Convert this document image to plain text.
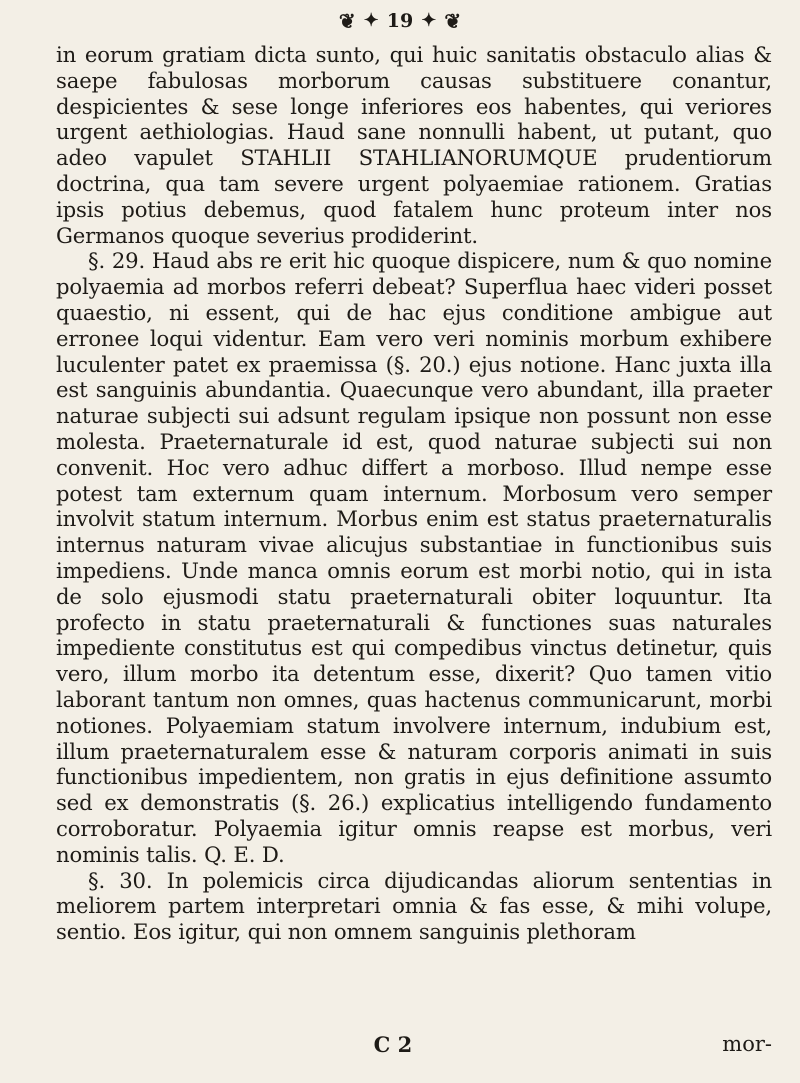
❦ ✦ 19 ✦ ❦

in eorum gratiam dicta sunto, qui huic sanitatis obstaculo alias & saepe fabulosas morborum causas substituere conantur, despicientes & sese longe inferiores eos habentes, qui veriores urgent aethiologias. Haud sane nonnulli habent, ut putant, quo adeo vapulet STAHLII STAHLIANORUMQUE prudentiorum doctrina, qua tam severe urgent polyaemiae rationem. Gratias ipsis potius debemus, quod fatalem hunc proteum inter nos Germanos quoque severius prodiderint.

§. 29. Haud abs re erit hic quoque dispicere, num & quo nomine polyaemia ad morbos referri debeat? Superflua haec videri posset quaestio, ni essent, qui de hac ejus conditione ambigue aut erronee loqui videntur. Eam vero veri nominis morbum exhibere luculenter patet ex praemissa (§. 20.) ejus notione. Hanc juxta illa est sanguinis abundantia. Quaecunque vero abundant, illa praeter naturae subjecti sui adsunt regulam ipsique non possunt non esse molesta. Praeternaturale id est, quod naturae subjecti sui non convenit. Hoc vero adhuc differt a morboso. Illud nempe esse potest tam externum quam internum. Morbosum vero semper involvit statum internum. Morbus enim est status praeternaturalis internus naturam vivae alicujus substantiae in functionibus suis impediens. Unde manca omnis eorum est morbi notio, qui in ista de solo ejusmodi statu praeternaturali obiter loquuntur. Ita profecto in statu praeternaturali & functiones suas naturales impediente constitutus est qui compedibus vinctus detinetur, quis vero, illum morbo ita detentum esse, dixerit? Quo tamen vitio laborant tantum non omnes, quas hactenus communicarunt, morbi notiones. Polyaemiam statum involvere internum, indubium est, illum praeternaturalem esse & naturam corporis animati in suis functionibus impedientem, non gratis in ejus definitione assumto sed ex demonstratis (§. 26.) explicatius intelligendo fundamento corroboratur. Polyaemia igitur omnis reapse est morbus, veri nominis talis. Q. E. D.

§. 30. In polemicis circa dijudicandas aliorum sententias in meliorem partem interpretari omnia & fas esse, & mihi volupe, sentio. Eos igitur, qui non omnem sanguinis plethoram

C 2	mor-
